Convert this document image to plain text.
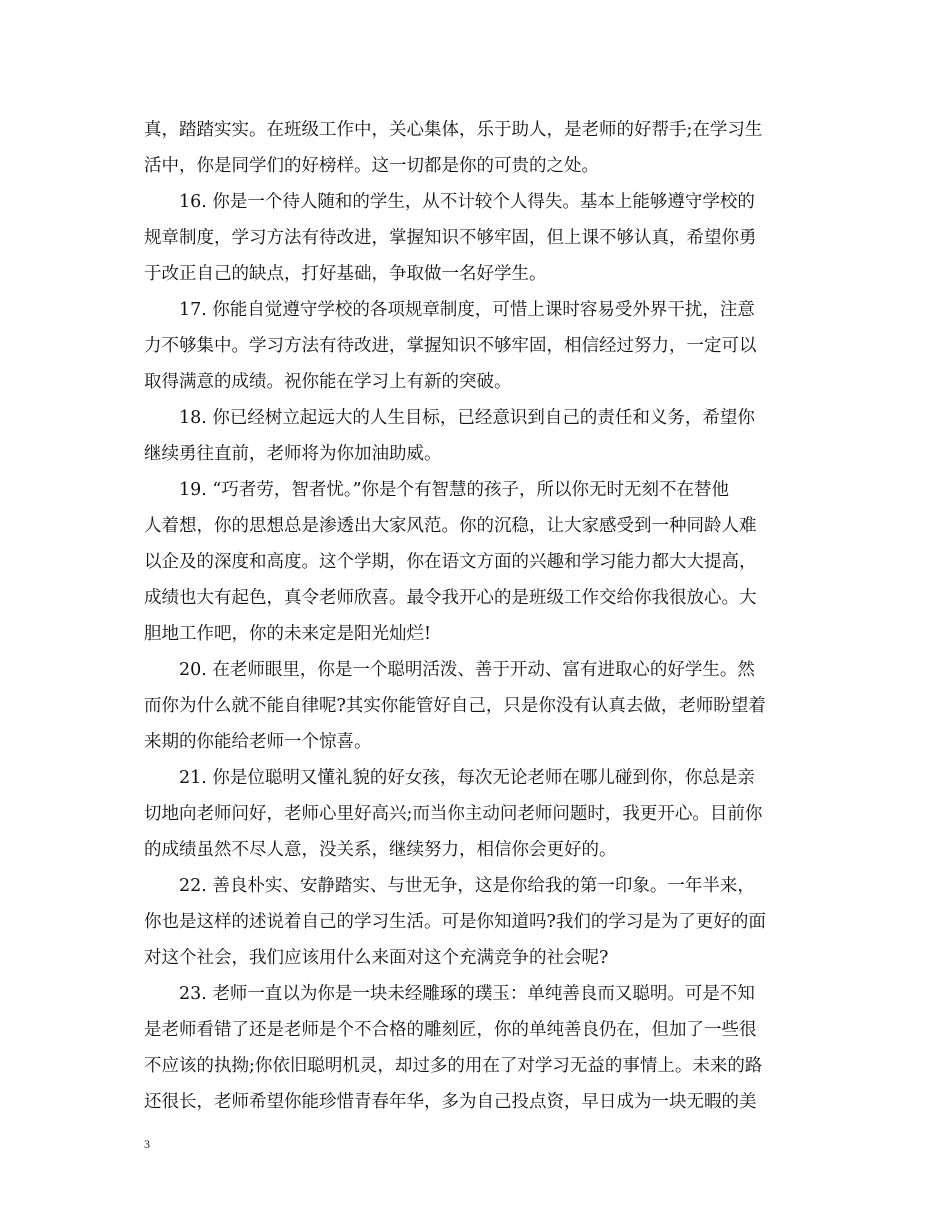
真，踏踏实实。在班级工作中，关心集体，乐于助人，是老师的好帮手;在学习生
活中，你是同学们的好榜样。这一切都是你的可贵的之处。
16. 你是一个待人随和的学生，从不计较个人得失。基本上能够遵守学校的
规章制度，学习方法有待改进，掌握知识不够牢固，但上课不够认真，希望你勇
于改正自己的缺点，打好基础，争取做一名好学生。
17. 你能自觉遵守学校的各项规章制度，可惜上课时容易受外界干扰，注意
力不够集中。学习方法有待改进，掌握知识不够牢固，相信经过努力，一定可以
取得满意的成绩。祝你能在学习上有新的突破。
18. 你已经树立起远大的人生目标，已经意识到自己的责任和义务，希望你
继续勇往直前，老师将为你加油助威。
19. “巧者劳，智者忧。”你是个有智慧的孩子，所以你无时无刻不在替他
人着想，你的思想总是渗透出大家风范。你的沉稳，让大家感受到一种同龄人难
以企及的深度和高度。这个学期，你在语文方面的兴趣和学习能力都大大提高，
成绩也大有起色，真令老师欣喜。最令我开心的是班级工作交给你我很放心。大
胆地工作吧，你的未来定是阳光灿烂!
20. 在老师眼里，你是一个聪明活泼、善于开动、富有进取心的好学生。然
而你为什么就不能自律呢?其实你能管好自己，只是你没有认真去做，老师盼望着
来期的你能给老师一个惊喜。
21. 你是位聪明又懂礼貌的好女孩，每次无论老师在哪儿碰到你，你总是亲
切地向老师问好，老师心里好高兴;而当你主动问老师问题时，我更开心。目前你
的成绩虽然不尽人意，没关系，继续努力，相信你会更好的。
22. 善良朴实、安静踏实、与世无争，这是你给我的第一印象。一年半来，
你也是这样的述说着自己的学习生活。可是你知道吗?我们的学习是为了更好的面
对这个社会，我们应该用什么来面对这个充满竞争的社会呢?
23. 老师一直以为你是一块未经雕琢的璞玉：单纯善良而又聪明。可是不知
是老师看错了还是老师是个不合格的雕刻匠，你的单纯善良仍在，但加了一些很
不应该的执拗;你依旧聪明机灵，却过多的用在了对学习无益的事情上。未来的路
还很长，老师希望你能珍惜青春年华，多为自己投点资，早日成为一块无暇的美
3
